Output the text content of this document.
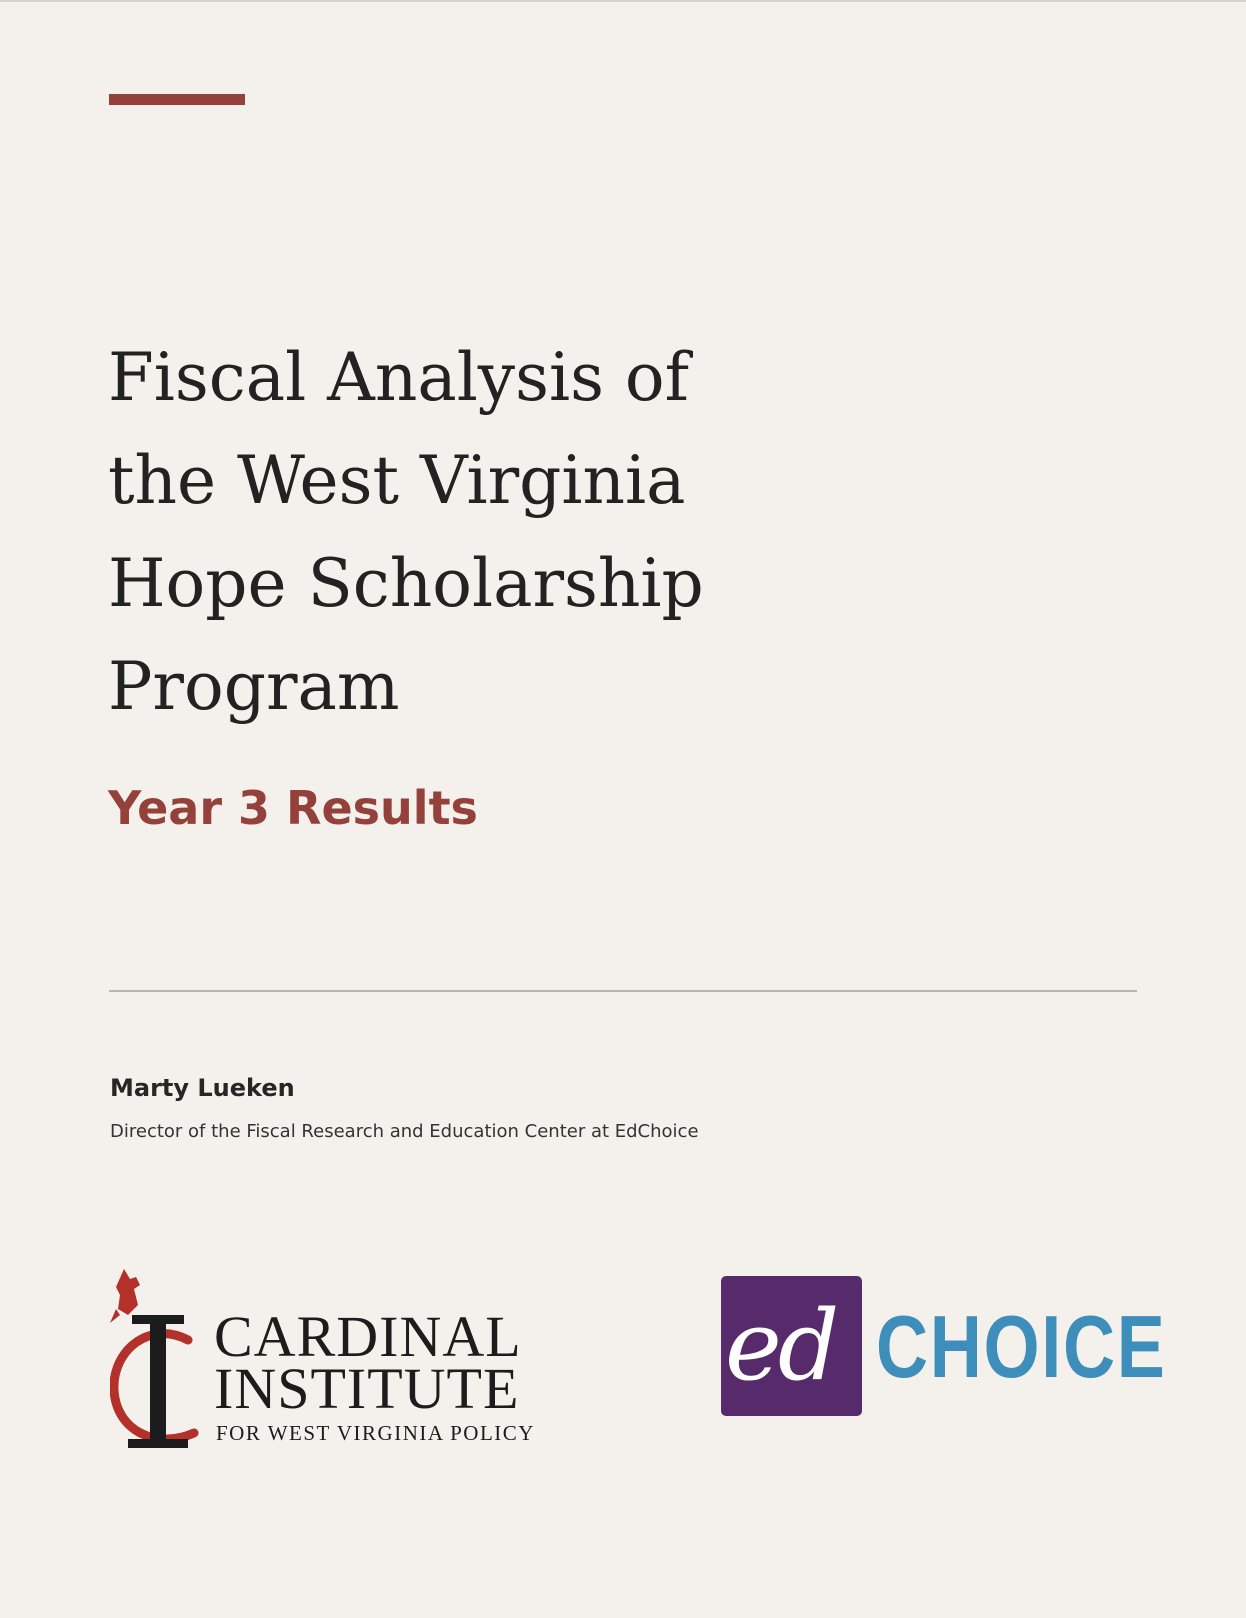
Fiscal Analysis of
the West Virginia
Hope Scholarship
Program
Year 3 Results

Marty Lueken

Director of the Fiscal Research and Education Center at EdChoice

CARDINAL
INSTITUTE
FOR WEST VIRGINIA POLICY
ed CHOICE
